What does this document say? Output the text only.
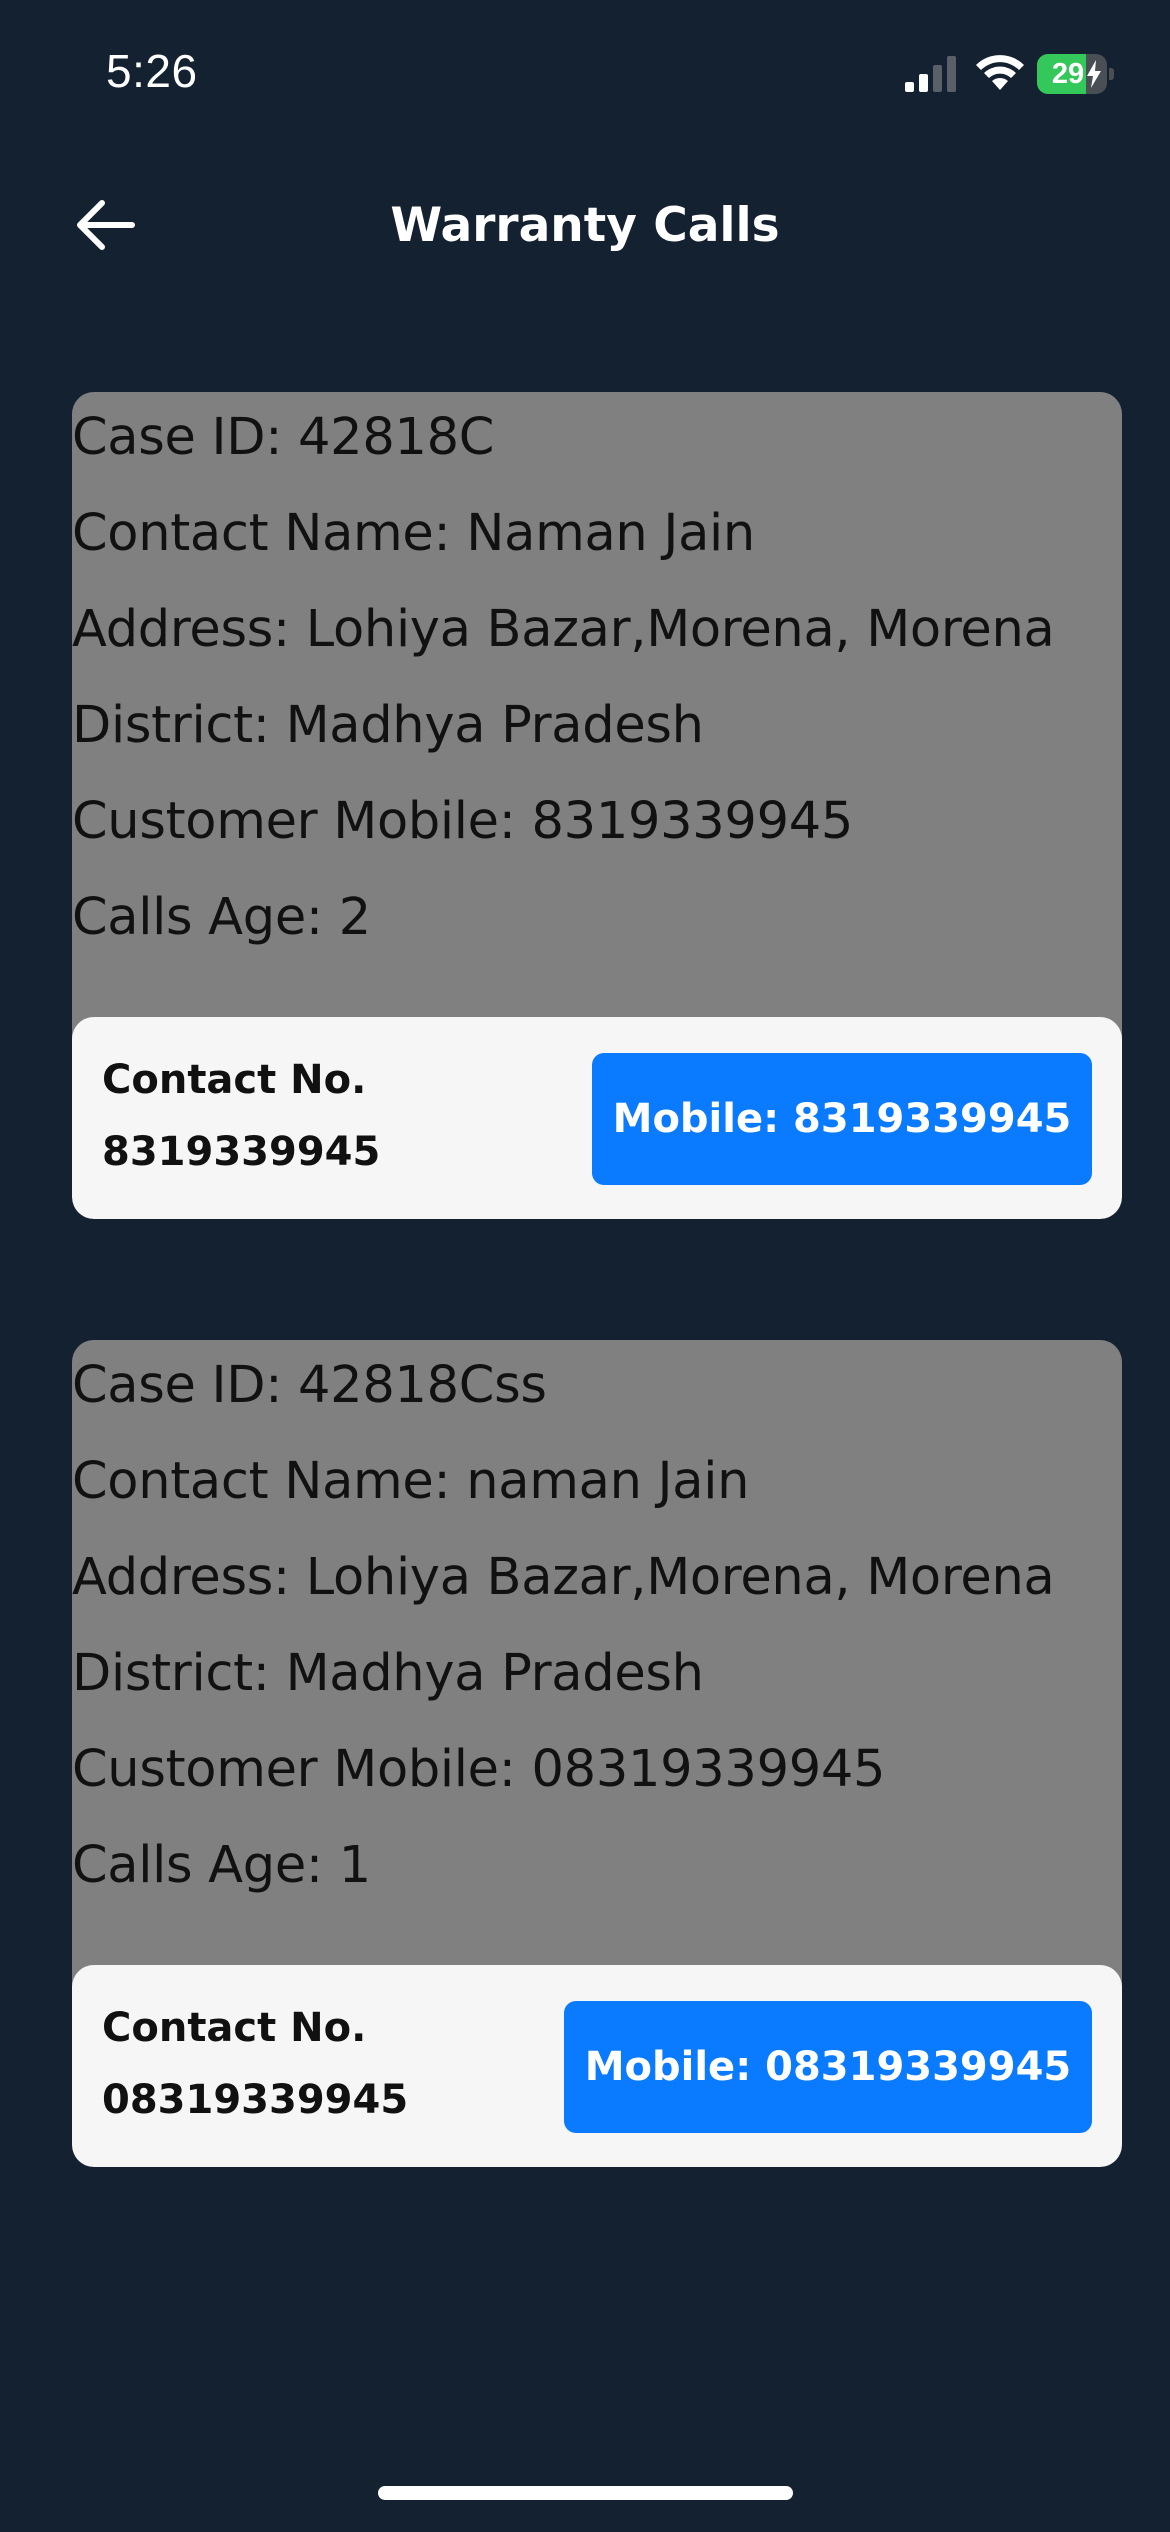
5:26	29
Warranty Calls
Case ID: 42818C
Contact Name: Naman Jain
Address: Lohiya Bazar,Morena, Morena
District: Madhya Pradesh
Customer Mobile: 8319339945
Calls Age: 2
Contact No.
8319339945
Mobile: 8319339945
Case ID: 42818Css
Contact Name: naman Jain
Address: Lohiya Bazar,Morena, Morena
District: Madhya Pradesh
Customer Mobile: 08319339945
Calls Age: 1
Contact No.
08319339945
Mobile: 08319339945
